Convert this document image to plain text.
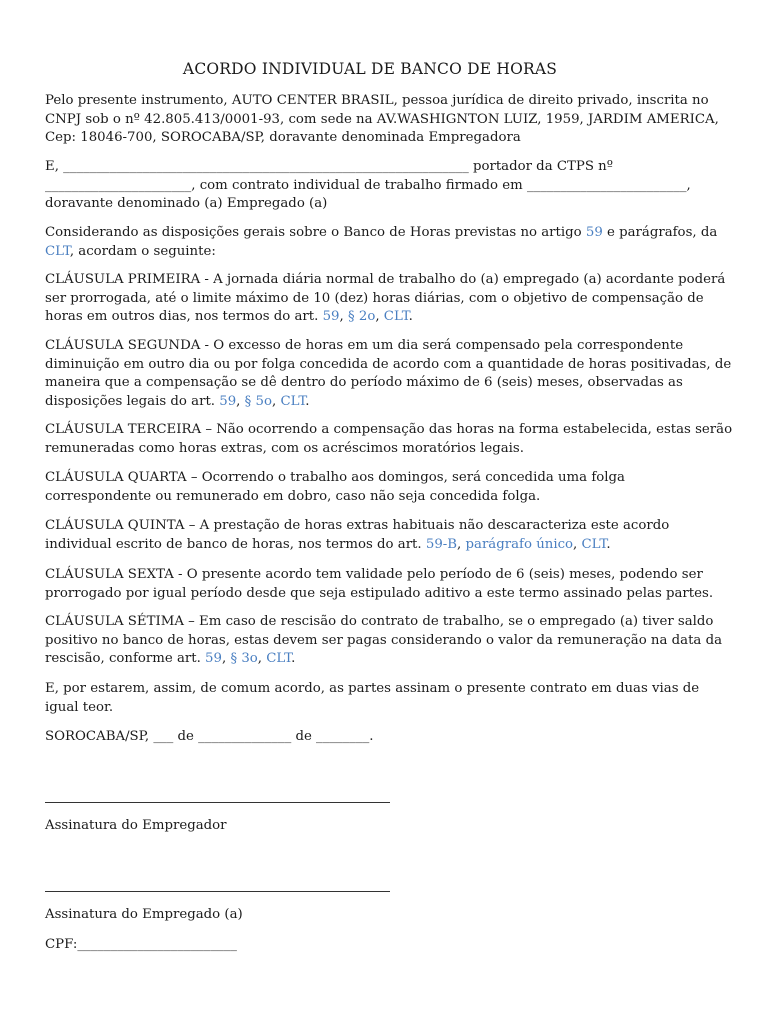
ACORDO INDIVIDUAL DE BANCO DE HORAS

Pelo presente instrumento, AUTO CENTER BRASIL, pessoa jurídica de direito privado, inscrita no CNPJ sob o nº 42.805.413/0001-93, com sede na AV.WASHIGNTON LUIZ, 1959, JARDIM AMERICA, Cep: 18046-700, SOROCABA/SP, doravante denominada Empregadora

E, _____________________________________________________________ portador da CTPS nº ______________________, com contrato individual de trabalho firmado em ________________________, doravante denominado (a) Empregado (a)

Considerando as disposições gerais sobre o Banco de Horas previstas no artigo 59 e parágrafos, da CLT, acordam o seguinte:

CLÁUSULA PRIMEIRA - A jornada diária normal de trabalho do (a) empregado (a) acordante poderá ser prorrogada, até o limite máximo de 10 (dez) horas diárias, com o objetivo de compensação de horas em outros dias, nos termos do art. 59, § 2o, CLT.

CLÁUSULA SEGUNDA - O excesso de horas em um dia será compensado pela correspondente diminuição em outro dia ou por folga concedida de acordo com a quantidade de horas positivadas, de maneira que a compensação se dê dentro do período máximo de 6 (seis) meses, observadas as disposições legais do art. 59, § 5o, CLT.

CLÁUSULA TERCEIRA – Não ocorrendo a compensação das horas na forma estabelecida, estas serão remuneradas como horas extras, com os acréscimos moratórios legais.

CLÁUSULA QUARTA – Ocorrendo o trabalho aos domingos, será concedida uma folga correspondente ou remunerado em dobro, caso não seja concedida folga.

CLÁUSULA QUINTA – A prestação de horas extras habituais não descaracteriza este acordo individual escrito de banco de horas, nos termos do art. 59-B, parágrafo único, CLT.

CLÁUSULA SEXTA - O presente acordo tem validade pelo período de 6 (seis) meses, podendo ser prorrogado por igual período desde que seja estipulado aditivo a este termo assinado pelas partes.

CLÁUSULA SÉTIMA – Em caso de rescisão do contrato de trabalho, se o empregado (a) tiver saldo positivo no banco de horas, estas devem ser pagas considerando o valor da remuneração na data da rescisão, conforme art. 59, § 3o, CLT.

E, por estarem, assim, de comum acordo, as partes assinam o presente contrato em duas vias de igual teor.

SOROCABA/SP, ___ de ______________ de ________.

Assinatura do Empregador
Assinatura do Empregado (a)
CPF:________________________
